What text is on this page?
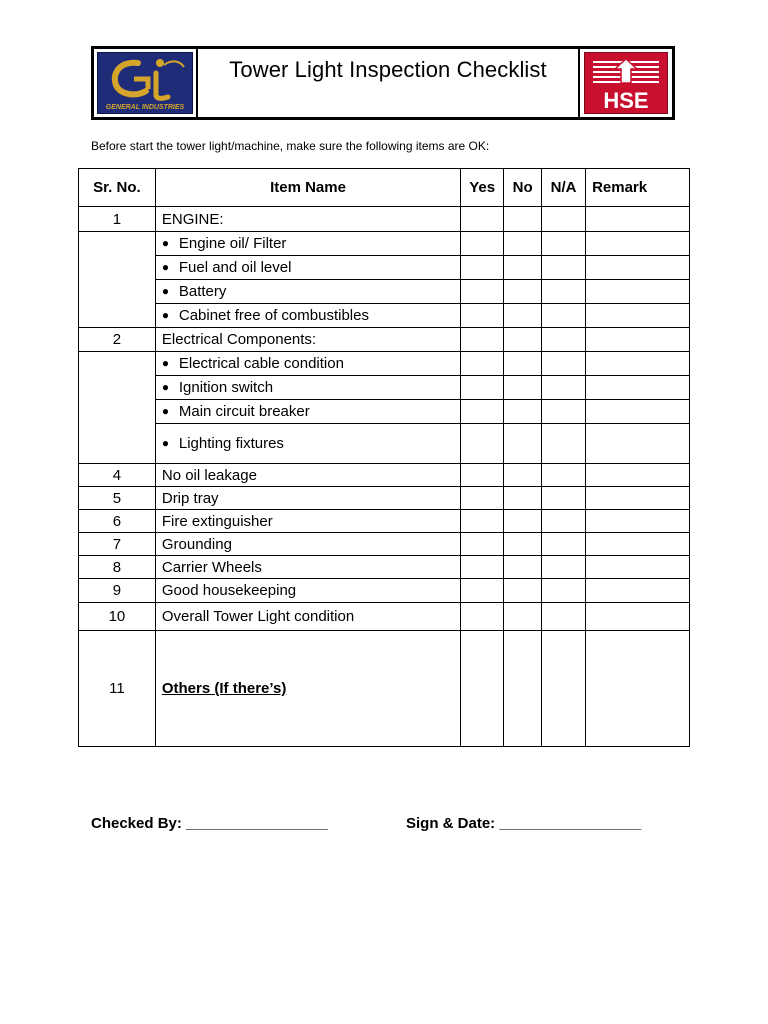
GENERAL INDUSTRIES
Tower Light Inspection Checklist
HSE
Before start the tower light/machine, make sure the following items are OK:
Sr. No.	Item Name	Yes	No	N/A	Remark
1	ENGINE:				
	● Engine oil/ Filter				
	● Fuel and oil level				
	● Battery				
	● Cabinet free of combustibles				
2	Electrical Components:				
	● Electrical cable condition				
	● Ignition switch				
	● Main circuit breaker				
	● Lighting fixtures				
4	No oil leakage				
5	Drip tray				
6	Fire extinguisher				
7	Grounding				
8	Carrier Wheels				
9	Good housekeeping				
10	Overall Tower Light condition				
11	Others (If there’s)				
Checked By: _________________	Sign & Date: _________________
